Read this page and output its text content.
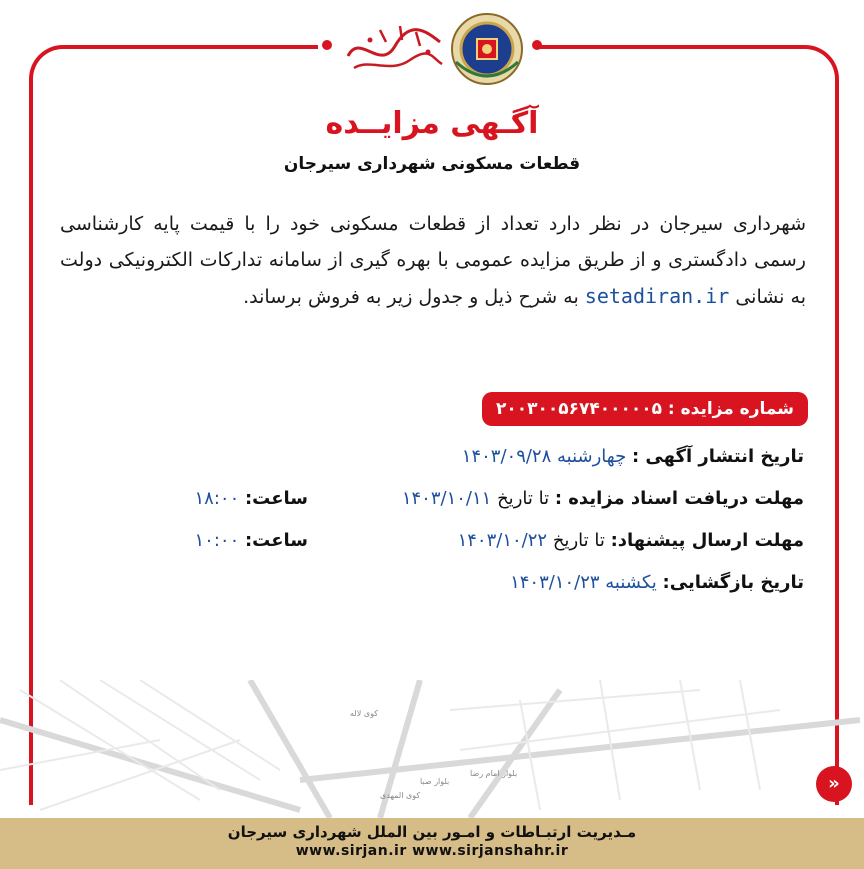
آگـهی مزایــده
قطعات مسکونی شهرداری سیرجان
شهرداری سیرجان در نظر دارد تعداد از قطعات مسکونی خود را با قیمت پایه کارشناسی رسمی دادگستری و از طریق مزایده عمومی با بهره گیری از سامانه تدارکات الکترونیکی دولت به نشانی setadiran.ir به شرح ذیل و جدول زیر به فروش برساند.
شماره مزایده : ۲۰۰۳۰۰۵۶۷۴۰۰۰۰۰۵
تاریخ انتشار آگهی : چهارشنبه ۱۴۰۳/۰۹/۲۸
مهلت دریافت اسناد مزایده : تا تاریخ ۱۴۰۳/۱۰/۱۱
ساعت: ۱۸:۰۰
مهلت ارسال پیشنهاد: تا تاریخ ۱۴۰۳/۱۰/۲۲
ساعت: ۱۰:۰۰
تاریخ بازگشایی: یکشنبه ۱۴۰۳/۱۰/۲۳
کوی المهدی
بلوار امام رضا
بلوار صبا
کوی لاله
»
مـدیریت ارتبـاطات و امـور بین الملل شهرداری سیرجان
www.sirjan.ir www.sirjanshahr.ir
